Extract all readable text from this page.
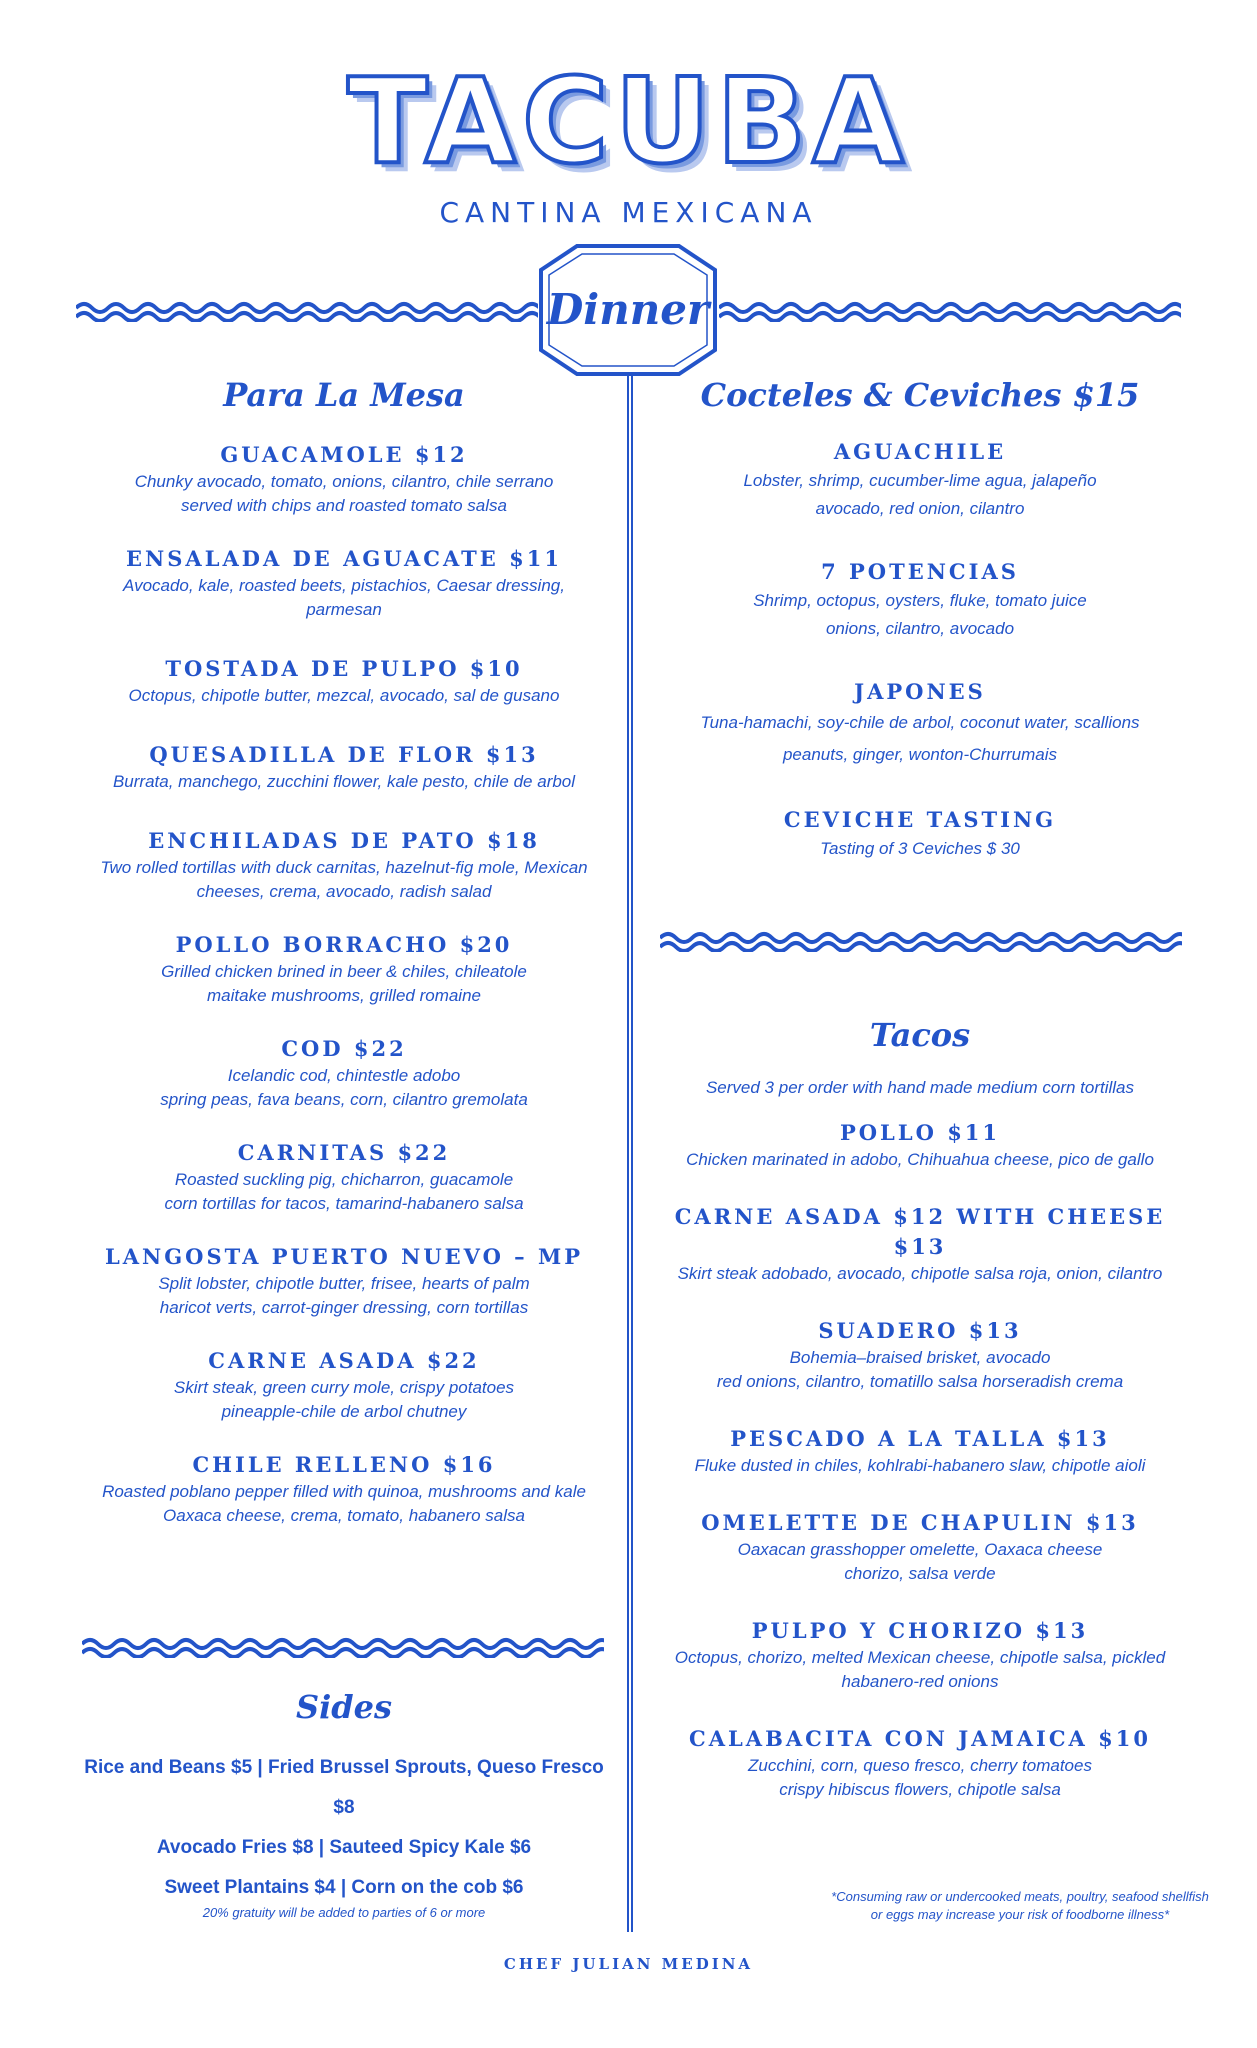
TACUBA
CANTINA MEXICANA
Dinner
Para La Mesa
GUACAMOLE $12
Chunky avocado, tomato, onions, cilantro, chile serrano
served with chips and roasted tomato salsa
ENSALADA DE AGUACATE $11
Avocado, kale, roasted beets, pistachios, Caesar dressing, parmesan
TOSTADA DE PULPO $10
Octopus, chipotle butter, mezcal, avocado, sal de gusano
QUESADILLA DE FLOR $13
Burrata, manchego, zucchini flower, kale pesto, chile de arbol
ENCHILADAS DE PATO $18
Two rolled tortillas with duck carnitas, hazelnut-fig mole, Mexican
cheeses, crema, avocado, radish salad
POLLO BORRACHO $20
Grilled chicken brined in beer & chiles, chileatole
maitake mushrooms, grilled romaine
COD $22
Icelandic cod, chintestle adobo
spring peas, fava beans, corn, cilantro gremolata
CARNITAS $22
Roasted suckling pig, chicharron, guacamole
corn tortillas for tacos, tamarind-habanero salsa
LANGOSTA PUERTO NUEVO – MP
Split lobster, chipotle butter, frisee, hearts of palm
haricot verts, carrot-ginger dressing, corn tortillas
CARNE ASADA $22
Skirt steak, green curry mole, crispy potatoes
pineapple-chile de arbol chutney
CHILE RELLENO $16
Roasted poblano pepper filled with quinoa, mushrooms and kale
Oaxaca cheese, crema, tomato, habanero salsa
Sides
Rice and Beans $5 | Fried Brussel Sprouts, Queso Fresco $8
Avocado Fries $8 | Sauteed Spicy Kale $6
Sweet Plantains $4 | Corn on the cob $6
Cocteles & Ceviches $15
AGUACHILE
Lobster, shrimp, cucumber-lime agua, jalapeño
avocado, red onion, cilantro
7 POTENCIAS
Shrimp, octopus, oysters, fluke, tomato juice
onions, cilantro, avocado
JAPONES
Tuna-hamachi, soy-chile de arbol, coconut water, scallions
peanuts, ginger, wonton-Churrumais
CEVICHE TASTING
Tasting of 3 Ceviches $ 30
Tacos
Served 3 per order with hand made medium corn tortillas
POLLO $11
Chicken marinated in adobo, Chihuahua cheese, pico de gallo
CARNE ASADA $12 WITH CHEESE $13
Skirt steak adobado, avocado, chipotle salsa roja, onion, cilantro
SUADERO $13
Bohemia–braised brisket, avocado
red onions, cilantro, tomatillo salsa horseradish crema
PESCADO A LA TALLA $13
Fluke dusted in chiles, kohlrabi-habanero slaw, chipotle aioli
OMELETTE DE CHAPULIN $13
Oaxacan grasshopper omelette, Oaxaca cheese
chorizo, salsa verde
PULPO Y CHORIZO $13
Octopus, chorizo, melted Mexican cheese, chipotle salsa, pickled
habanero-red onions
CALABACITA CON JAMAICA $10
Zucchini, corn, queso fresco, cherry tomatoes
crispy hibiscus flowers, chipotle salsa
20% gratuity will be added to parties of 6 or more
*Consuming raw or undercooked meats, poultry, seafood shellfish
or eggs may increase your risk of foodborne illness*
CHEF JULIAN MEDINA
